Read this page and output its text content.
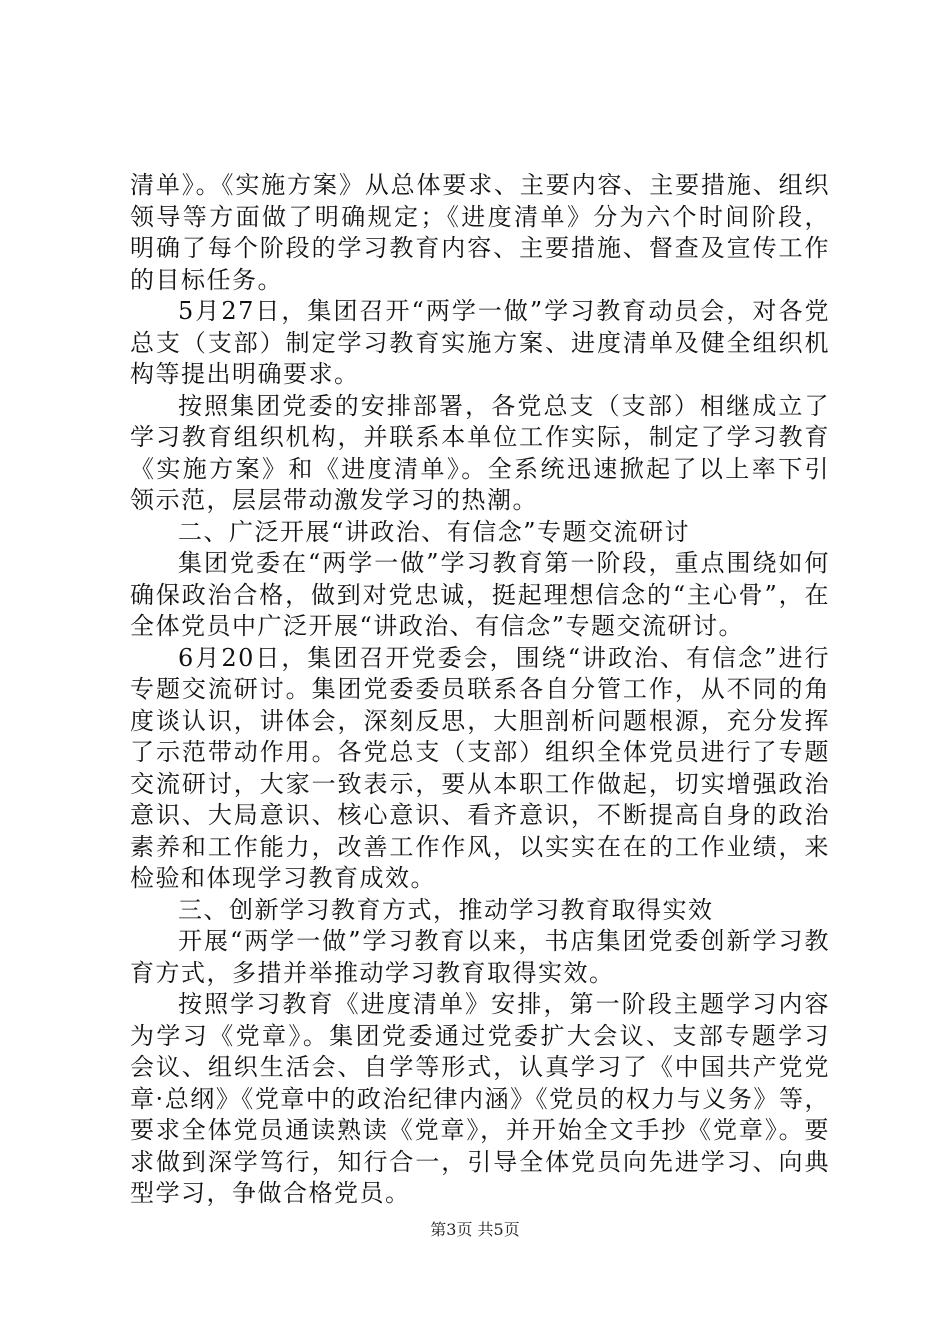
清单》。《实施方案》从总体要求、主要内容、主要措施、组织领导等方面做了明确规定；《进度清单》分为六个时间阶段，明确了每个阶段的学习教育内容、主要措施、督查及宣传工作的目标任务。

5月27日，集团召开“两学一做”学习教育动员会，对各党总支（支部）制定学习教育实施方案、进度清单及健全组织机构等提出明确要求。

按照集团党委的安排部署，各党总支（支部）相继成立了学习教育组织机构，并联系本单位工作实际，制定了学习教育《实施方案》和《进度清单》。全系统迅速掀起了以上率下引领示范，层层带动激发学习的热潮。

二、广泛开展“讲政治、有信念”专题交流研讨

集团党委在“两学一做”学习教育第一阶段，重点围绕如何确保政治合格，做到对党忠诚，挺起理想信念的“主心骨”，在全体党员中广泛开展“讲政治、有信念”专题交流研讨。

6月20日，集团召开党委会，围绕“讲政治、有信念”进行专题交流研讨。集团党委委员联系各自分管工作，从不同的角度谈认识，讲体会，深刻反思，大胆剖析问题根源，充分发挥了示范带动作用。各党总支（支部）组织全体党员进行了专题交流研讨，大家一致表示，要从本职工作做起，切实增强政治意识、大局意识、核心意识、看齐意识，不断提高自身的政治素养和工作能力，改善工作作风，以实实在在的工作业绩，来检验和体现学习教育成效。

三、创新学习教育方式，推动学习教育取得实效

开展“两学一做”学习教育以来，书店集团党委创新学习教育方式，多措并举推动学习教育取得实效。

按照学习教育《进度清单》安排，第一阶段主题学习内容为学习《党章》。集团党委通过党委扩大会议、支部专题学习会议、组织生活会、自学等形式，认真学习了《中国共产党党章·总纲》《党章中的政治纪律内涵》《党员的权力与义务》等，要求全体党员通读熟读《党章》，并开始全文手抄《党章》。要求做到深学笃行，知行合一，引导全体党员向先进学习、向典型学习，争做合格党员。

第3页 共5页
